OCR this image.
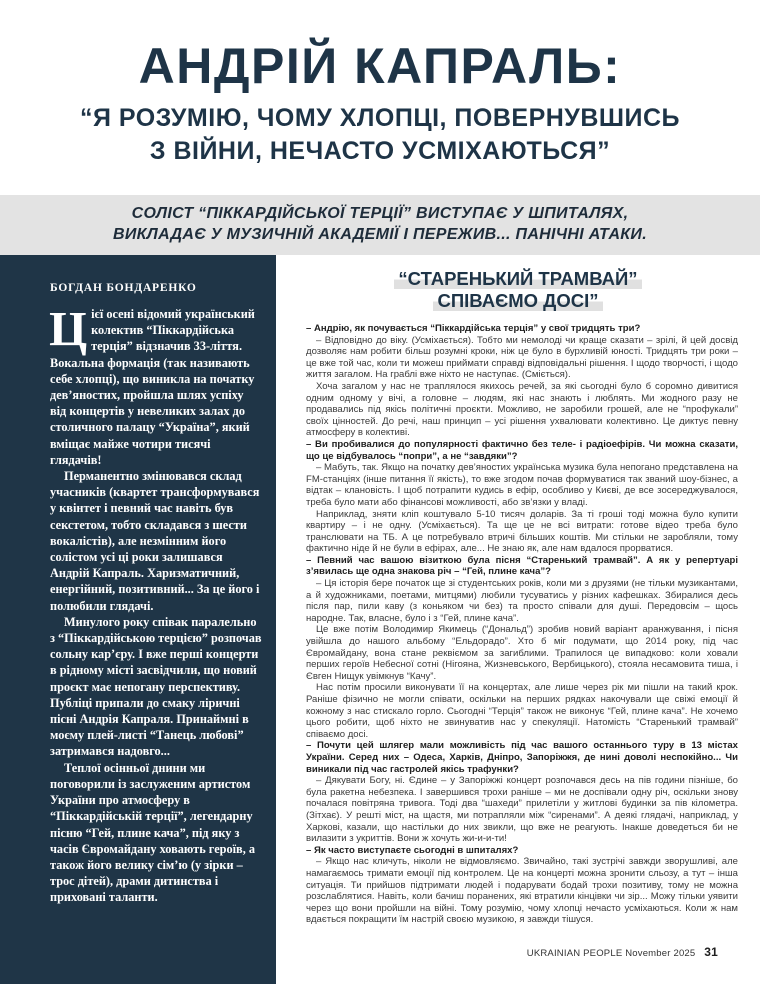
АНДРІЙ КАПРАЛЬ:
“Я РОЗУМІЮ, ЧОМУ ХЛОПЦІ, ПОВЕРНУВШИСЬ
З ВІЙНИ, НЕЧАСТО УСМІХАЮТЬСЯ”
СОЛІСТ “ПІККАРДІЙСЬКОЇ ТЕРЦІЇ” ВИСТУПАЄ У ШПИТАЛЯХ,
ВИКЛАДАЄ У МУЗИЧНІЙ АКАДЕМІЇ І ПЕРЕЖИВ... ПАНІЧНІ АТАКИ.
БОГДАН БОНДАРЕНКО

Цієї осені відомий український колектив “Піккардійська терція” відзначив 33-ліття. Вокальна формація (так називають себе хлопці), що виникла на початку дев’яностих, пройшла шлях успіху від концертів у невеликих залах до столичного палацу “Україна”, який вміщає майже чотири тисячі глядачів!

Перманентно змінювався склад учасників (квартет трансформувався у квінтет і певний час навіть був секстетом, тобто складався з шести вокалістів), але незмінним його солістом усі ці роки залишався Андрій Капраль. Харизматичний, енергійний, позитивний... За це його і полюбили глядачі.

Минулого року співак паралельно з “Піккардійською терцією” розпочав сольну кар’єру. І вже перші концерти в рідному місті засвідчили, що новий проєкт має непогану перспективу. Публіці припали до смаку ліричні пісні Андрія Капраля. Принаймні в моєму плей-листі “Танець любові” затримався надовго...

Теплої осінньої днини ми поговорили із заслуженим артистом України про атмосферу в “Піккардійській терції”, легендарну пісню “Гей, плине кача”, під яку з часів Євромайдану ховають героїв, а також його велику сім’ю (у зірки – трос дітей), драми дитинства і приховані таланти.

“СТАРЕНЬКИЙ ТРАМВАЙ”
СПІВАЄМО ДОСІ”

– Андрію, як почувається “Піккардійська терція” у свої тридцять три?

– Відповідно до віку. (Усміхається). Тобто ми немолоді чи краще сказати – зрілі, й цей досвід дозволяє нам робити більш розумні кроки, ніж це було в бурхливій юності. Тридцять три роки – це вже той час, коли ти можеш приймати справді відповідальні рішення. І щодо творчості, і щодо життя загалом. На граблі вже ніхто не наступає. (Сміється).

Хоча загалом у нас не траплялося якихось речей, за які сьогодні було б соромно дивитися одним одному у вічі, а головне – людям, які нас знають і люблять. Ми жодного разу не продавались під якісь політичні проєкти. Можливо, не заробили грошей, але не “профукали” своїх цінностей. До речі, наш принцип – усі рішення ухвалювати колективно. Це диктує певну атмосферу в колективі.

– Ви пробивалися до популярності фактично без теле- і радіоефірів. Чи можна сказати, що це відбувалось “попри”, а не “завдяки”?

– Мабуть, так. Якщо на початку дев’яностих українська музика була непогано представлена на FM-станціях (інше питання її якість), то вже згодом почав формуватися так званий шоу-бізнес, а відтак – клановість. І щоб потрапити кудись в ефір, особливо у Києві, де все зосереджувалося, треба було мати або фінансові можливості, або зв’язки у владі.

Наприклад, зняти кліп коштувало 5-10 тисяч доларів. За ті гроші тоді можна було купити квартиру – і не одну. (Усміхається). Та ще це не всі витрати: готове відео треба було транслювати на ТБ. А це потребувало втричі більших коштів. Ми стільки не заробляли, тому фактично ніде й не були в ефірах, але... Не знаю як, але нам вдалося прорватися.

– Певний час вашою візиткою була пісня “Старенький трамвай”. А як у репертуарі з’явилась ще одна знакова річ – “Гей, плине кача”?

– Ця історія бере початок ще зі студентських років, коли ми з друзями (не тільки музикантами, а й художниками, поетами, митцями) любили тусуватись у різних кафешках. Збиралися десь після пар, пили каву (з коньяком чи без) та просто співали для душі. Передовсім – щось народне. Так, власне, було і з “Гей, плине кача”.

Це вже потім Володимир Якимець (“Дональд”) зробив новий варіант аранжування, і пісня увійшла до нашого альбому “Ельдорадо”. Хто б міг подумати, що 2014 року, під час Євромайдану, вона стане реквіємом за загиблими. Трапилося це випадково: коли ховали перших героїв Небесної сотні (Нігояна, Жизневського, Вербицького), стояла несамовита тиша, і Євген Нищук увімкнув “Качу”.

Нас потім просили виконувати її на концертах, але лише через рік ми пішли на такий крок. Раніше фізично не могли співати, оскільки на перших рядках накочували ще свіжі емоції й кожному з нас стискало горло. Сьогодні “Терція” також не виконує “Гей, плине кача”. Не хочемо цього робити, щоб ніхто не звинуватив нас у спекуляції. Натомість “Старенький трамвай” співаємо досі.

– Почути цей шлягер мали можливість під час вашого останнього туру в 13 містах України. Серед них – Одеса, Харків, Дніпро, Запоріжжя, де нині доволі неспокійно... Чи виникали під час гастролей якісь трафунки?

– Дякувати Богу, ні. Єдине – у Запоріжжі концерт розпочався десь на пів години пізніше, бо була ракетна небезпека. І завершився трохи раніше – ми не доспівали одну річ, оскільки знову почалася повітряна тривога. Тоді два “шахеди” прилетіли у житлові будинки за пів кілометра. (Зітхає). У решті міст, на щастя, ми потрапляли між “сиренами”. А деякі глядачі, наприклад, у Харкові, казали, що настільки до них звикли, що вже не реагують. Інакше доведеться би не вилазити з укриттів. Вони ж хочуть жи-и-и-ти!

– Як часто виступаєте сьогодні в шпиталях?

– Якщо нас кличуть, ніколи не відмовляємо. Звичайно, такі зустрічі завжди зворушливі, але намагаємось тримати емоції під контролем. Це на концерті можна зронити сльозу, а тут – інша ситуація. Ти прийшов підтримати людей і подарувати бодай трохи позитиву, тому не можна розслаблятися. Навіть, коли бачиш поранених, які втратили кінцівки чи зір... Можу тільки уявити через що вони пройшли на війні. Тому розумію, чому хлопці нечасто усміхаються. Коли ж нам вдається покращити їм настрій своєю музикою, я завжди тішуся.

UKRAINIAN PEOPLE November 2025 31
